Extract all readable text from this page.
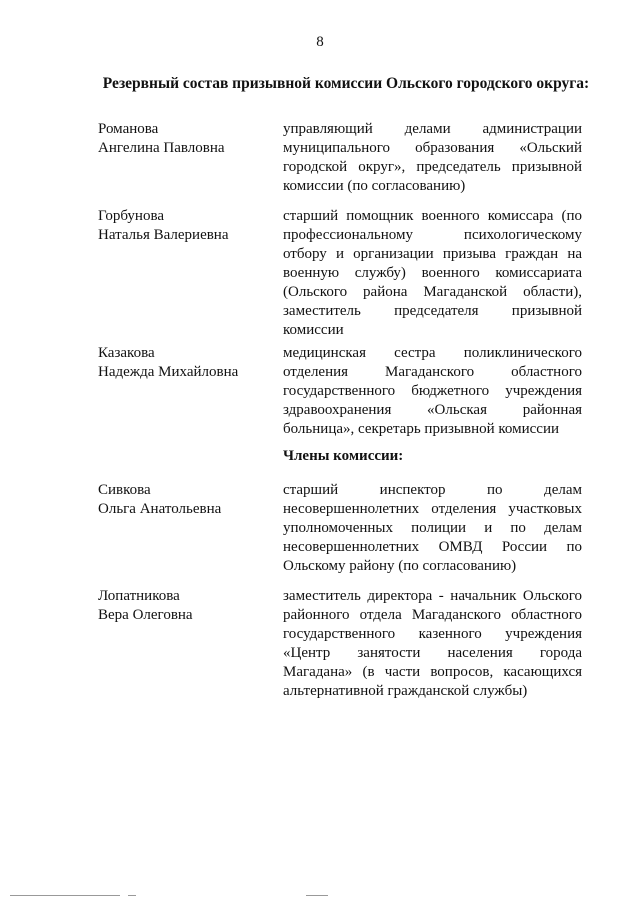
8
Резервный состав призывной комиссии Ольского городского округа:
Романова
Ангелина Павловна
управляющий делами администрации муниципального образования «Ольский городской округ», председатель призывной комиссии (по согласованию)
Горбунова
Наталья Валериевна
старший помощник военного комиссара (по профессиональному психологическому отбору и организации призыва граждан на военную службу) военного комиссариата (Ольского района Магаданской области), заместитель председателя призывной комиссии
Казакова
Надежда Михайловна
медицинская сестра поликлинического отделения Магаданского областного государственного бюджетного учреждения здравоохранения «Ольская районная больница», секретарь призывной комиссии
Члены комиссии:
Сивкова
Ольга Анатольевна
старший инспектор по делам несовершеннолетних отделения участковых уполномоченных полиции и по делам несовершеннолетних ОМВД России по Ольскому району (по согласованию)
Лопатникова
Вера Олеговна
заместитель директора - начальник Ольского районного отдела Магаданского областного государственного казенного учреждения «Центр занятости населения города Магадана» (в части вопросов, касающихся альтернативной гражданской службы)
